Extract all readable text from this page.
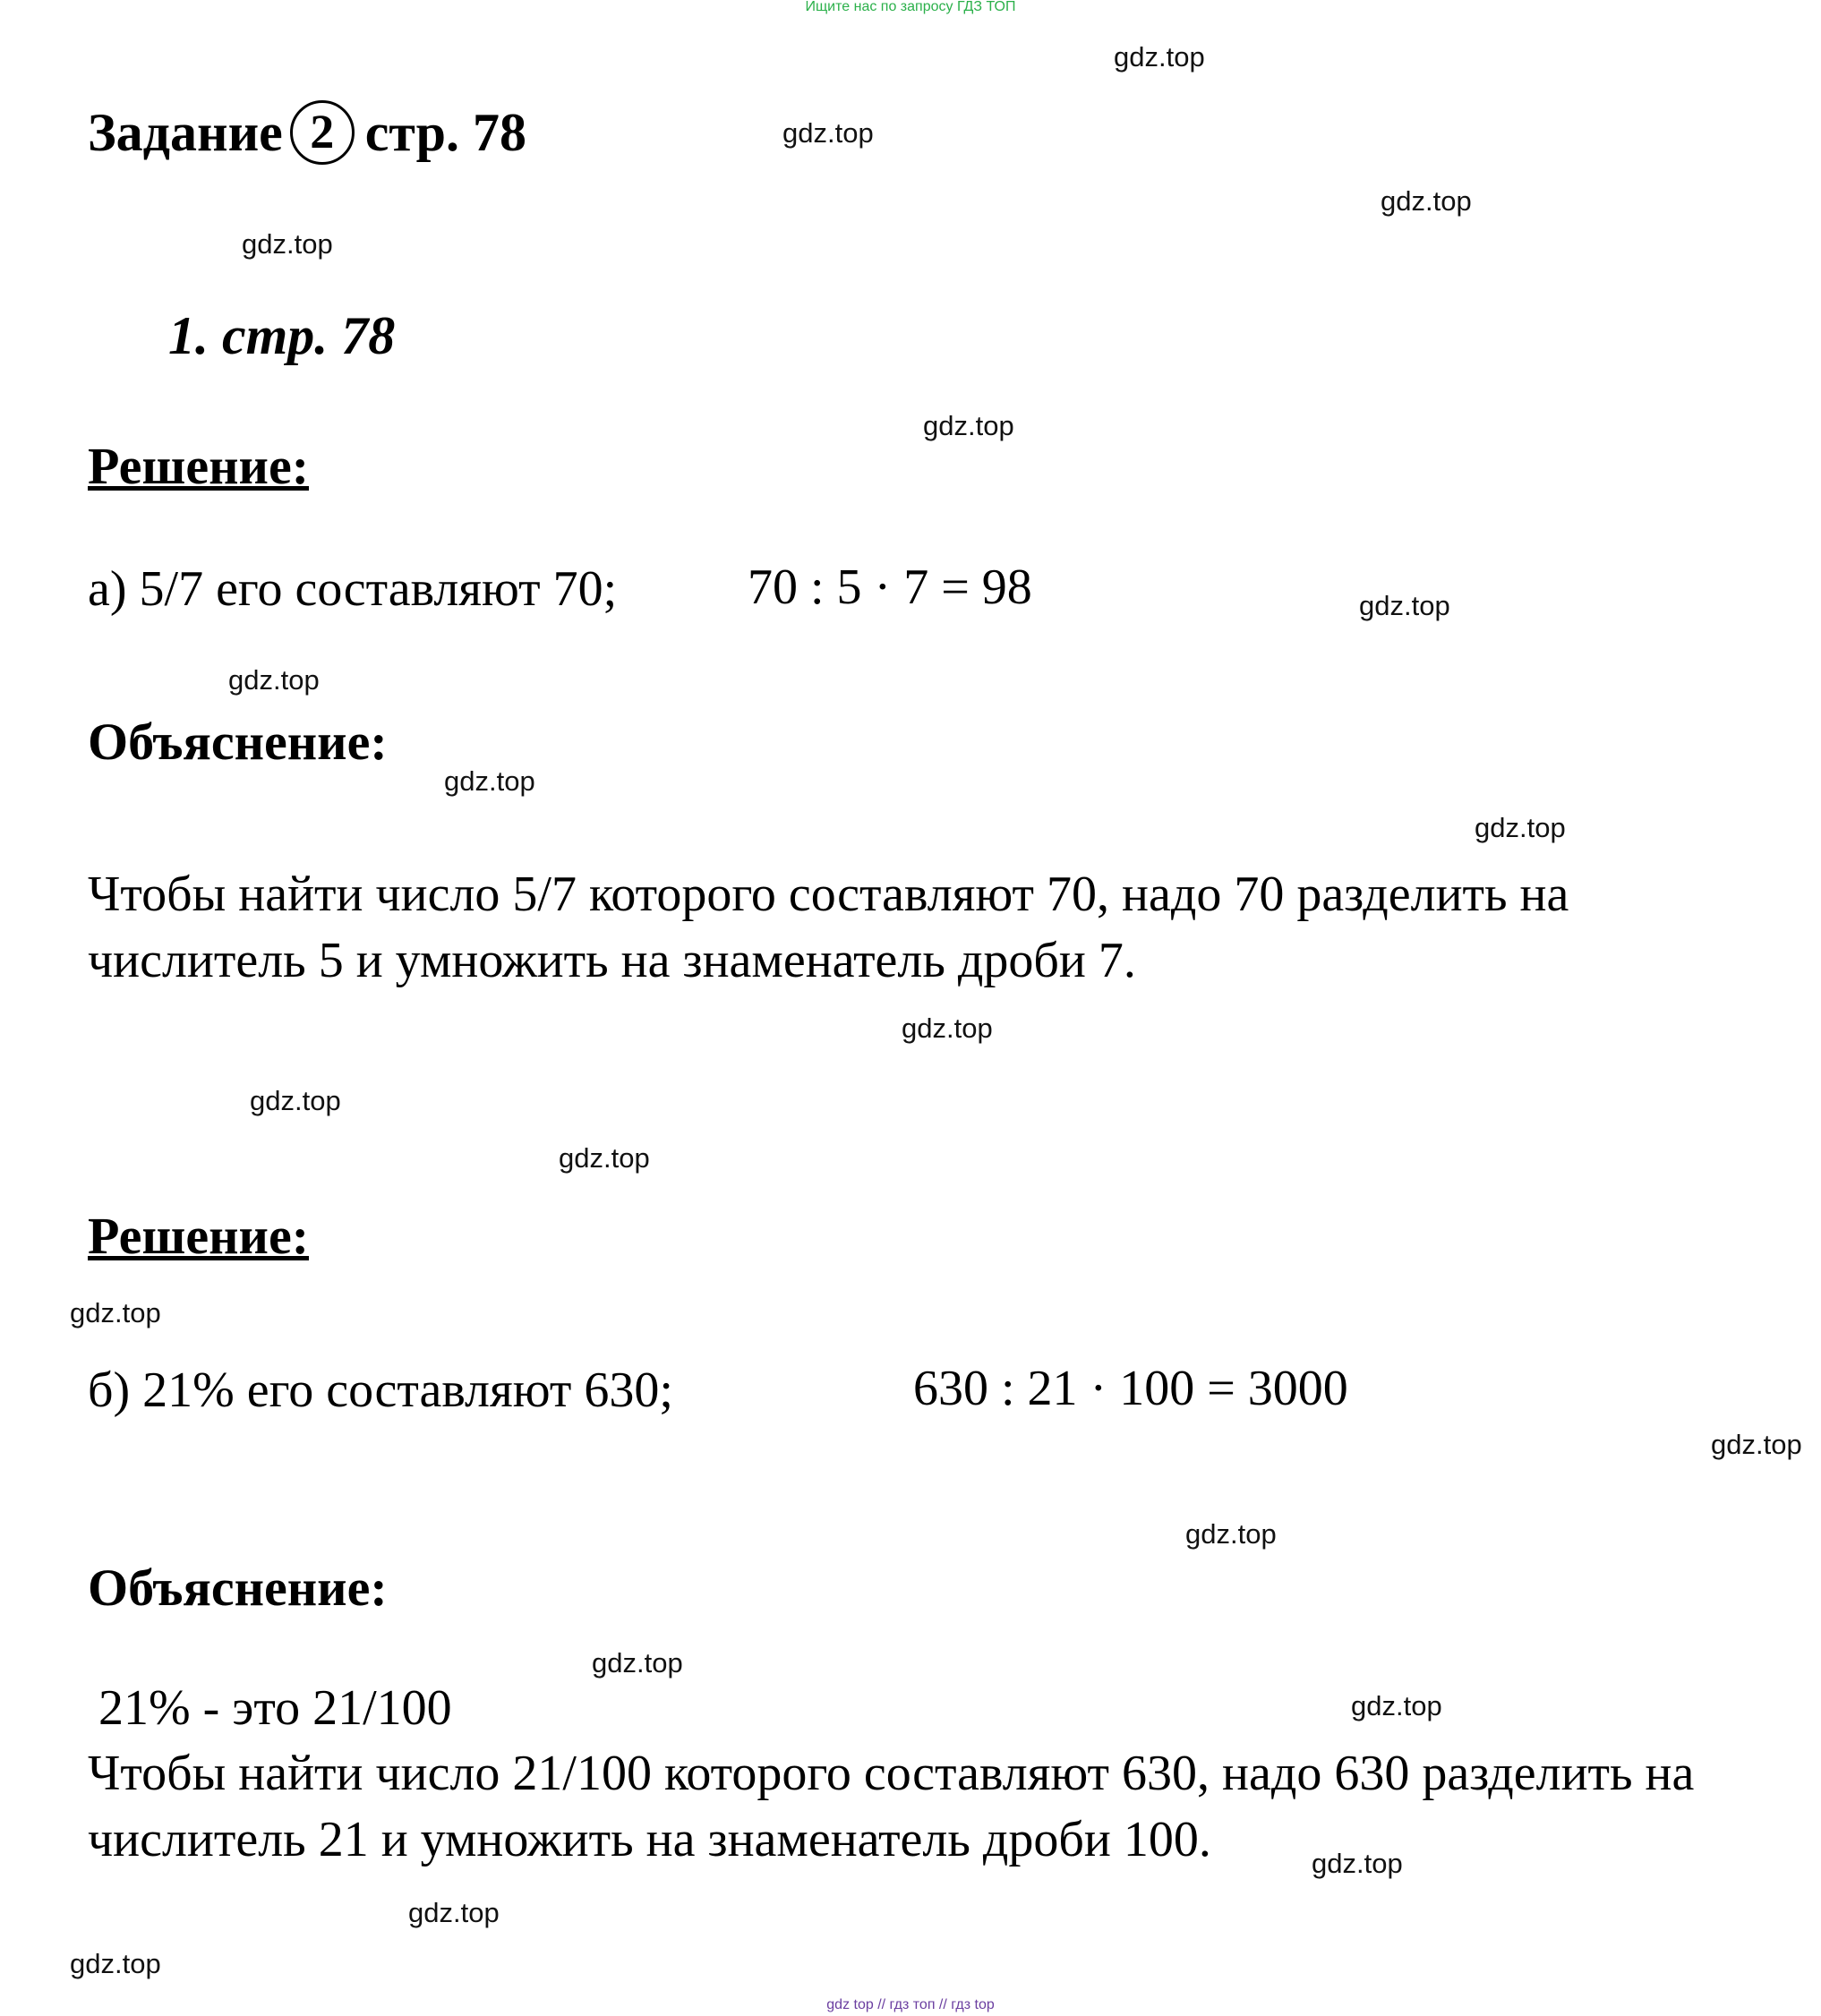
Ищите нас по запросу ГДЗ ТОП
Задание 2 стр. 78
1. стр. 78
Решение:
а) 5/7 его составляют 70;	70 : 5 · 7 = 98
Объяснение:
Чтобы найти число 5/7 которого составляют 70, надо 70 разделить на
числитель 5 и умножить на знаменатель дроби 7.
Решение:
б) 21% его составляют 630;	630 : 21 · 100 = 3000
Объяснение:
21% - это 21/100
Чтобы найти число 21/100 которого составляют 630, надо 630 разделить на
числитель 21 и умножить на знаменатель дроби 100.
gdz.top
gdz.top
gdz.top
gdz.top
gdz.top
gdz.top
gdz.top
gdz.top
gdz.top
gdz.top
gdz.top
gdz.top
gdz.top
gdz.top
gdz.top
gdz.top
gdz.top
gdz.top
gdz.top
gdz.top
gdz top // гдз топ // гдз top
